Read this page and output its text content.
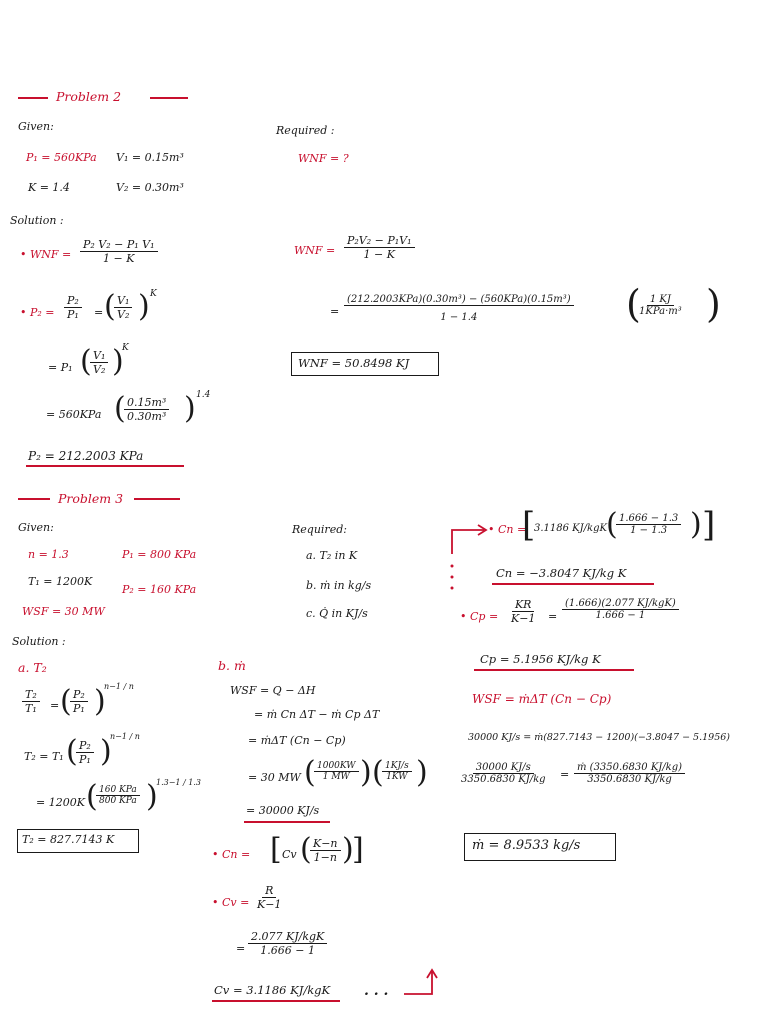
Problem 2
Given:
P₁ = 560KPa V₁ = 0.15m³
K = 1.4	V₂ = 0.30m³
Required :
WNF = ?
Solution :
• WNF = $\frac{\text{P₂ V₂ − P₁ V₁}}{1 - K}$
• $P_2 = \frac{\text{P₂}}{\text{P₁}}$ = (
$\frac{\text{V₁}}{\text{V₂}}$ ) K
= P₁ (
$\frac{\text{V₁}}{\text{V₂}}$ )
K
= 560KPa (
$\frac{\text{0.15m³}}{\text{0.30m³}}$ ) 1.4
P₂ = 212.2003 KPa
WNF = $\frac{\text{P₂V₂ − P₁V₁}}{1 - K}$
=
(212.2003KPa)(0.30m³) − (560KPa)(0.15m³)
1 − 1.4	( 1 KJ
1KPa·m³ )
WNF = 50.8498 KJ
Problem 3
Given:
n = 1.3	P₁ = 800 KPa
T₁ = 1200K
P₂ = 160 KPa
WSF = 30 MW
Required:
a. T₂ in K
b. ṁ in kg/s
c. Q̇ in KJ/s
Solution :
a. T₂
$\frac{\text{T₂}}{\text{T₁}}$ = (
$\frac{\text{P₂}}{\text{P₁}}$ )
n−1 / n
T₂ = T₁ (
$\frac{\text{P₂}}{\text{P₁}}$ )
n−1 / n
= 1200K ( 160 KPa
800 KPa )
1.3−1 / 1.3
T₂ = 827.7143 K
b. ṁ
WSF = Q − ΔH
= ṁ Cn ΔT − ṁ Cp ΔT
= ṁΔT (Cn − Cp)
= 30 MW (
$\frac{1000KW}{1 MW}$ ) (
$\frac{1KJ/s}{1KW}$ )
= 30000 KJ/s
• Cn = [ Cv (
$\frac{K-n}{1-n}$ )
]
• $Cv = \frac{R}{K-1}$
=
2.077 KJ/kgK
1.666 − 1
Cv = 3.1186 KJ/kgK . . .
• Cn =
[
3.1186 KJ/kgK (
$\frac{1.666 - 1.3}{1 - 1.3}$ ) ]
Cn = −3.8047 KJ/kg K
• $Cp = \frac{KR}{K-1}$ =
(1.666)(2.077 KJ/kgK)
1.666 − 1
Cp = 5.1956 KJ/kg K
WSF = ṁΔT (Cn − Cp)
30000 KJ/s = ṁ(827.7143 − 1200)(−3.8047 − 5.1956)
$\frac{30000 KJ/s}{3350.6830 KJ/kg} = \frac{\text{ṁ (3350.6830 KJ/kg)}}{3350.6830 KJ/kg}$
ṁ = 8.9533 kg/s
